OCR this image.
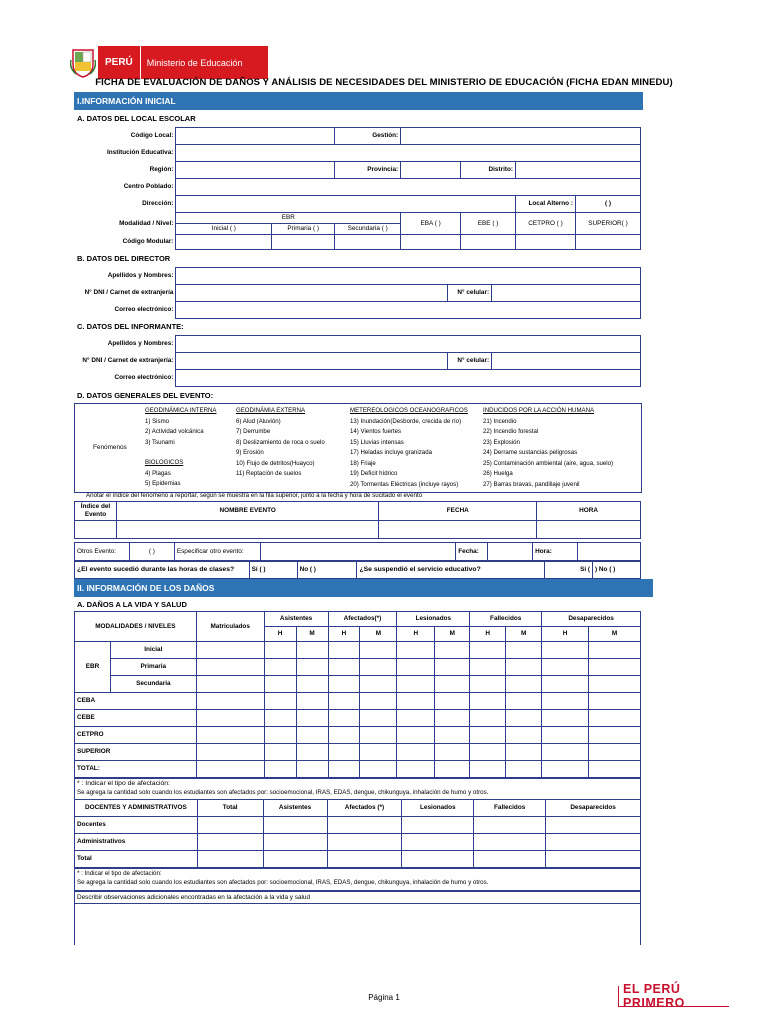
PERÚ	Ministerio de Educación
FICHA DE EVALUACIÓN DE DAÑOS Y ANÁLISIS DE NECESIDADES DEL MINISTERIO DE EDUCACIÓN (FICHA EDAN MINEDU)
I.INFORMACIÓN INICIAL
A. DATOS DEL LOCAL ESCOLAR
Código Local:			Gestión:				
Institución Educativa:							
Región:			Provincia:		Distrito:		
Centro Poblado:							
Dirección:						Local Alterno :	( )
Modalidad / Nivel:	EBR			EBA ( )	EBE ( )	CETPRO ( )	SUPERIOR( )
	Inicial ( )	Primaria ( )	Secundaria ( )				
Código Modular:							
B. DATOS DEL DIRECTOR
Apellidos y Nombres:			
N° DNI / Carnet de extranjería		N° celular:	
Correo electrónico:			
C. DATOS DEL INFORMANTE:
Apellidos y Nombres:			
N° DNI / Carnet de extranjería:		N° celular:	
Correo electrónico:			
D. DATOS GENERALES DEL EVENTO:
Fenómenos
GEODINÁMICA INTERNA
1) Sismo
2) Actividad volcánica
3) Tsunami
BIOLOGICOS
4) Plagas
5) Epidemias
GEODINÁMIA EXTERNA
6) Alud (Aluvión)
7) Derrumbe
8) Deslizamiento de roca o suelo
9) Erosión
10) Flujo de detritos(Huayco)
11) Reptación de suelos
METEREOLOGICOS OCEANOGRAFICOS
13) Inundación(Desborde, crecida de río)
14) Vientos fuertes
15) Lluvias intensas
17) Heladas incluye granizada
18) Friaje
19) Deficit hídrico
20) Tormentas Eléctricas (incluye rayos)
INDUCIDOS POR LA ACCIÓN HUMANA
21) Incendio
22) Incendio forestal
23) Explosión
24) Derrame sustancias peligrosas
25) Contaminación ambiental (aire, agua, suelo)
26) Huelga
27) Barras bravas, pandillaje juvenil
Anotar el índice del fenomeno a reportar, según se muestra en la fila superior, junto a la fecha y hora de sucitado el evento
Índice del Evento	NOMBRE EVENTO	FECHA	HORA

Otros Evento:	( )	Especificar otro evento:		Fecha:		Hora:	
¿El evento sucedió durante las horas de clases?	Sí ( )	No ( )	¿Se suspendió el servicio educativo?	Sí (	) No ( )
II. INFORMACIÓN DE LOS DAÑOS
A. DAÑOS A LA VIDA Y SALUD
MODALIDADES / NIVELES		Matriculados	Asistentes		Afectados(*)		Lesionados		Fallecidos		Desaparecidos	
			H	M	H	M	H	M	H	M	H	M
EBR	Inicial											
	Primaria											
	Secundaria											
CEBA												
CEBE												
CETPRO												
SUPERIOR												
TOTAL:												
* : Indicar el tipo de afectación:
Se agrega la cantidad solo cuando los estudiantes son afectados por: socioemocional, IRAS, EDAS, dengue, chikunguya, inhalación de humo y otros.
DOCENTES Y ADMINISTRATIVOS	Total	Asistentes	Afectados (*)	Lesionados	Fallecidos	Desaparecidos
Docentes						
Administrativos						
Total						
* : Indicar el tipo de afectación:
Se agrega la cantidad solo cuando los estudiantes son afectados por: socioemocional, IRAS, EDAS, dengue, chikunguya, inhalación de humo y otros.
Describir observaciones adicionales encontradas en la afectación a la vida y salud
Página 1
EL PERÚ PRIMERO
